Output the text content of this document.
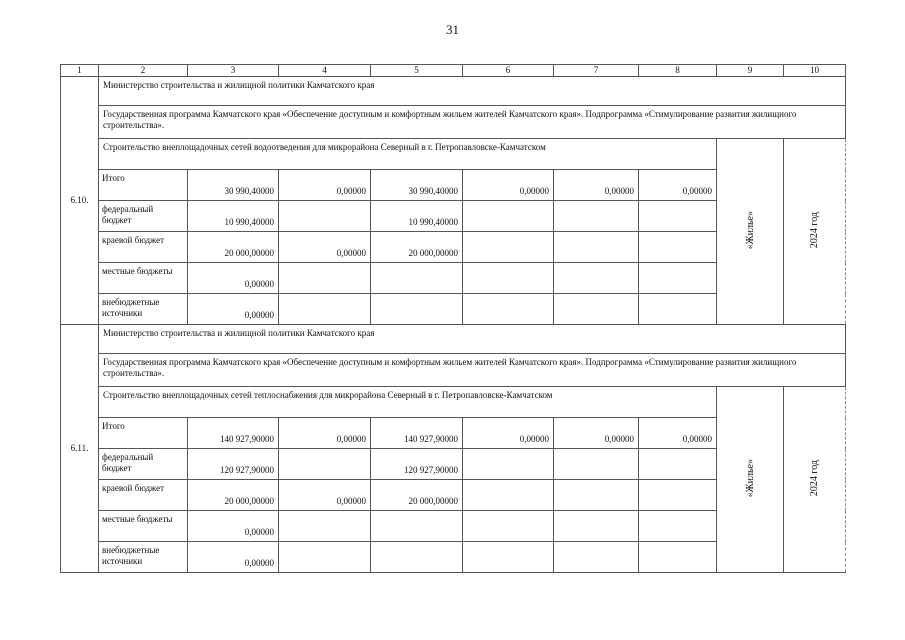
31
1	2	3	4	5	6	7	8	9	10
6.10.	Министерство строительства и жилищной политики Камчатского края								
	Государственная программа Камчатского края «Обеспечение доступным и комфортным жильем жителей Камчатского края». Подпрограмма «Стимулирование развития жилищного строительства».								
	Строительство внеплощадочных сетей водоотведения для микрорайона Северный в г. Петропавловске-Камчатском							«Жилье»	2024 год
	Итого	30 990,40000	0,00000	30 990,40000	0,00000	0,00000	0,00000		
	федеральный бюджет	10 990,40000		10 990,40000					
	краевой бюджет	20 000,00000	0,00000	20 000,00000					
	местные бюджеты	0,00000							
	внебюджетные источники	0,00000							
6.11.	Министерство строительства и жилищной политики Камчатского края								
	Государственная программа Камчатского края «Обеспечение доступным и комфортным жильем жителей Камчатского края». Подпрограмма «Стимулирование развития жилищного строительства».								
	Строительство внеплощадочных сетей теплоснабжения для микрорайона Северный в г. Петропавловске-Камчатском							«Жилье»	2024 год
	Итого	140 927,90000	0,00000	140 927,90000	0,00000	0,00000	0,00000		
	федеральный бюджет	120 927,90000		120 927,90000					
	краевой бюджет	20 000,00000	0,00000	20 000,00000					
	местные бюджеты	0,00000							
	внебюджетные источники	0,00000							
